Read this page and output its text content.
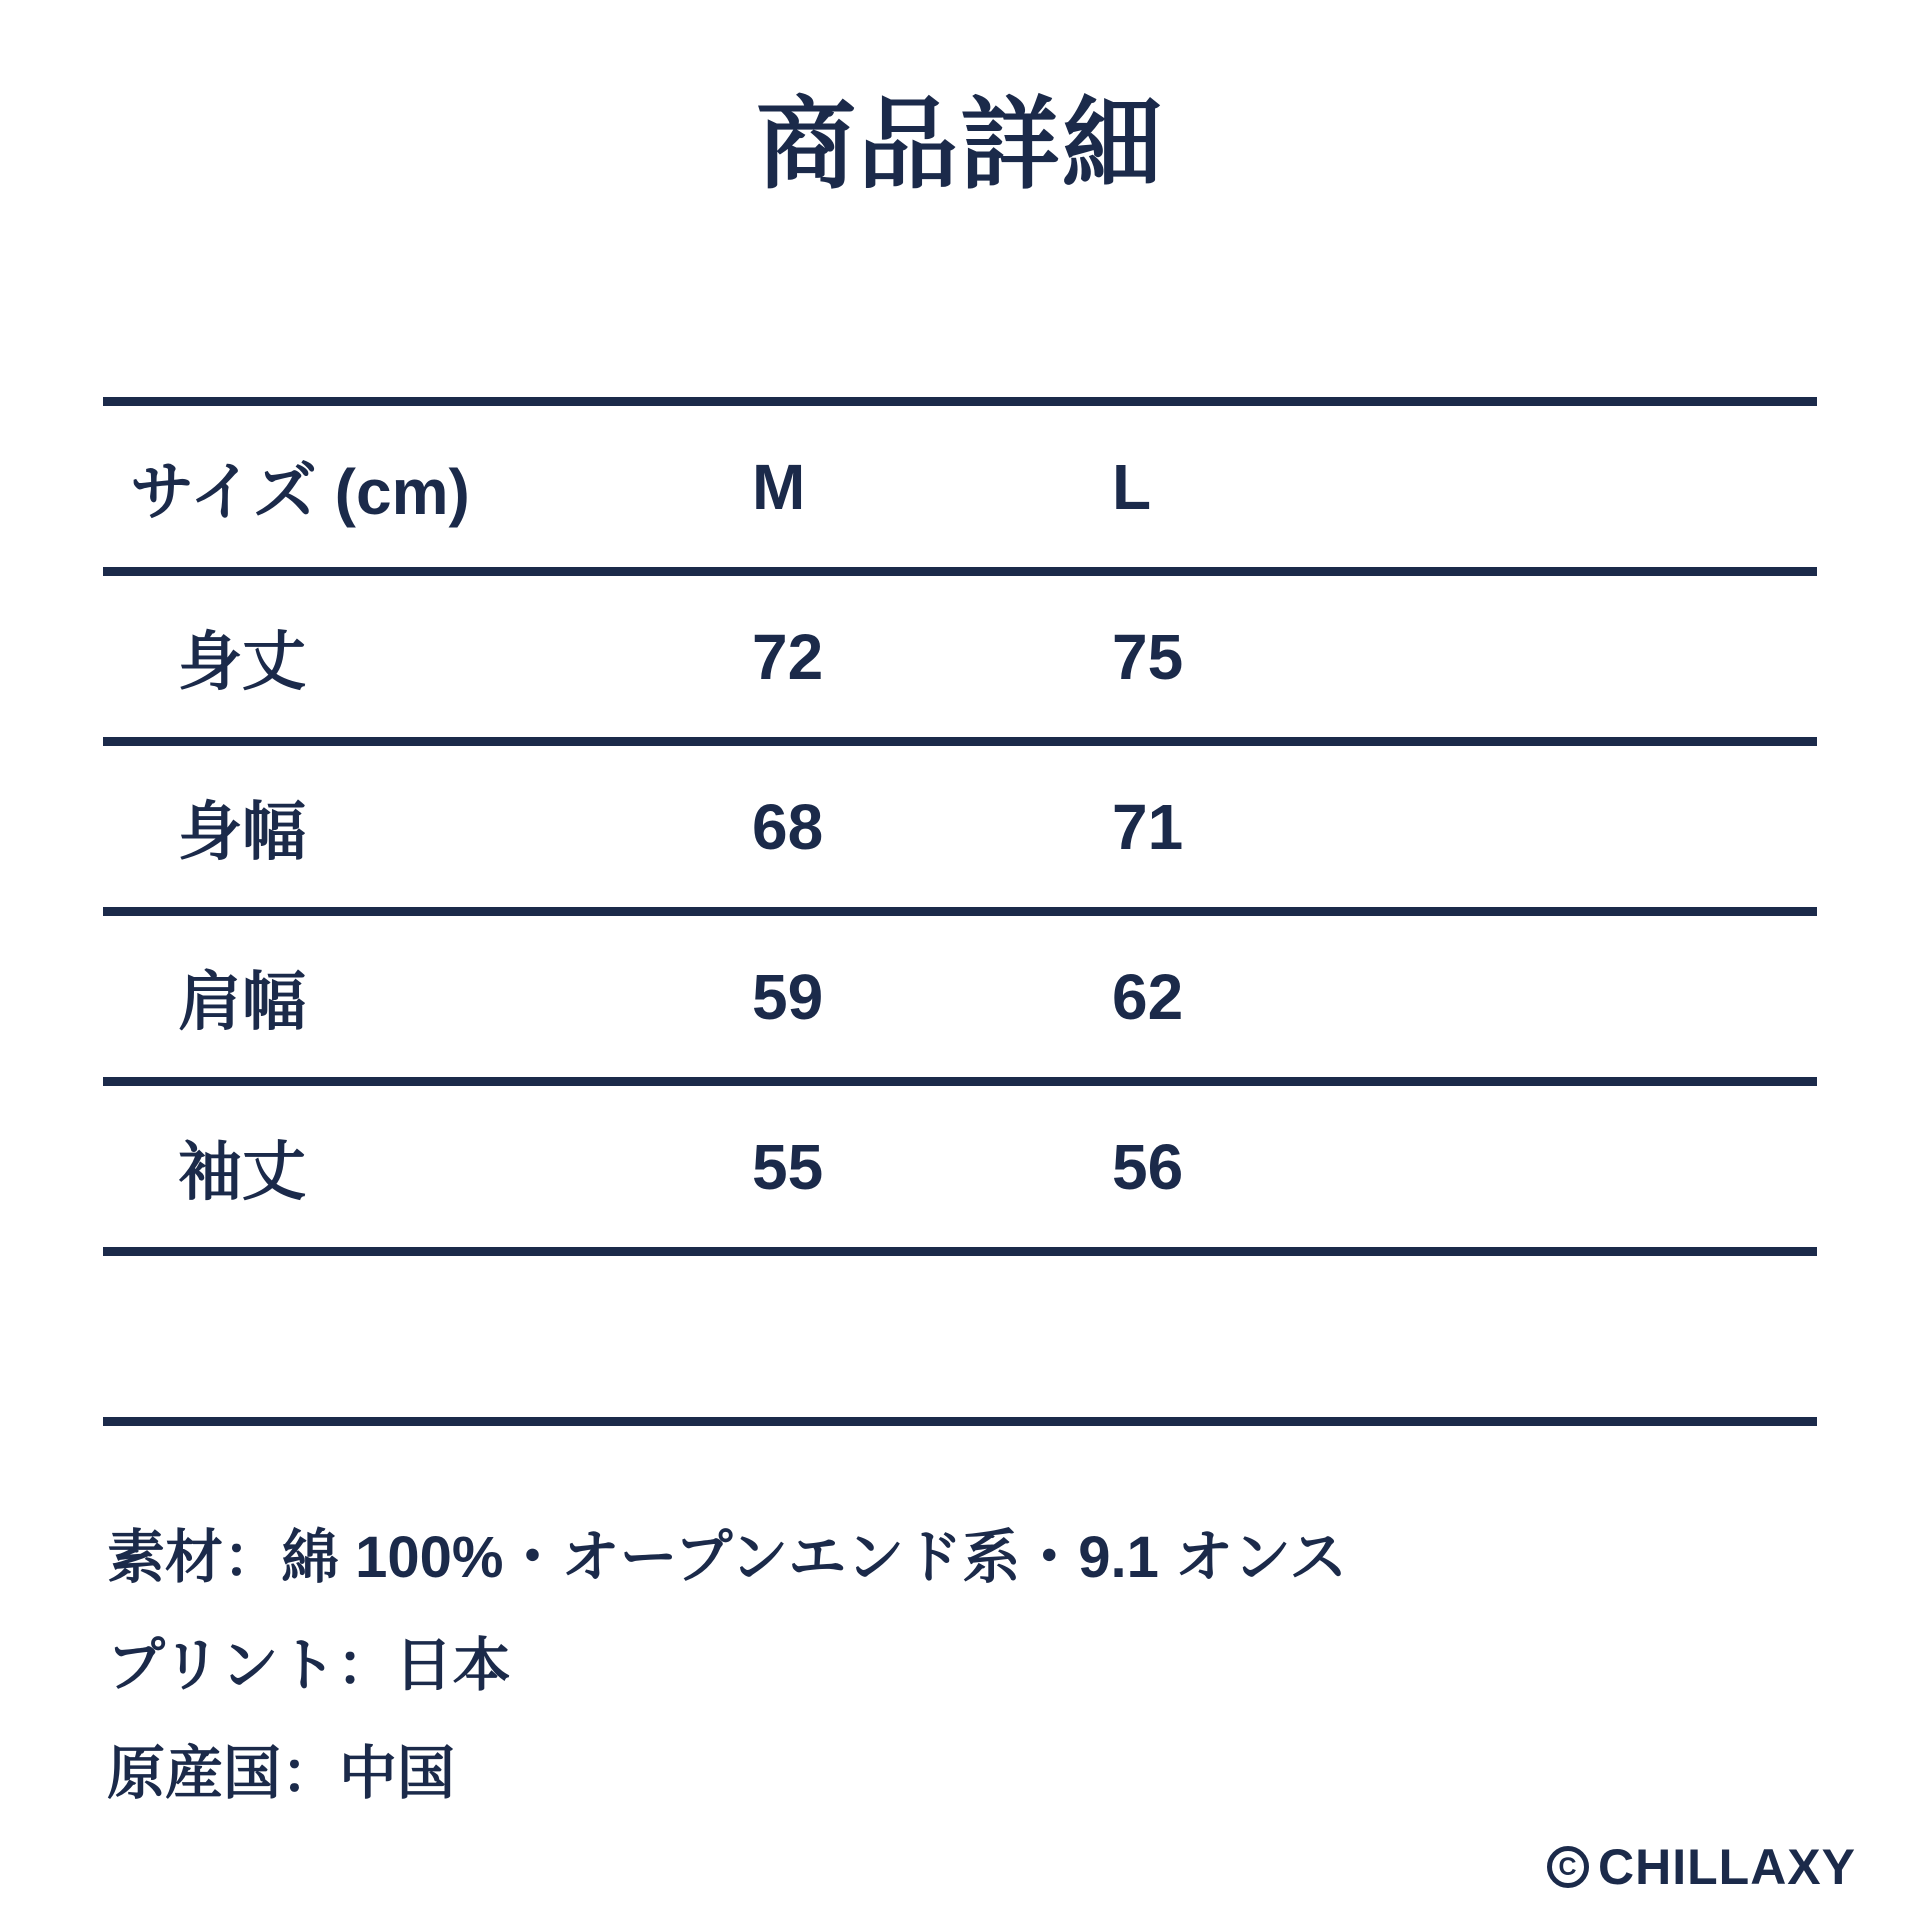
商品詳細
サイズ (cm)	M	L
身丈	72	75
身幅	68	71
肩幅	59	62
袖丈	55	56
素材：綿 100%・オープンエンド系・9.1 オンス
プリント：日本
原産国：中国
C CHILLAXY
